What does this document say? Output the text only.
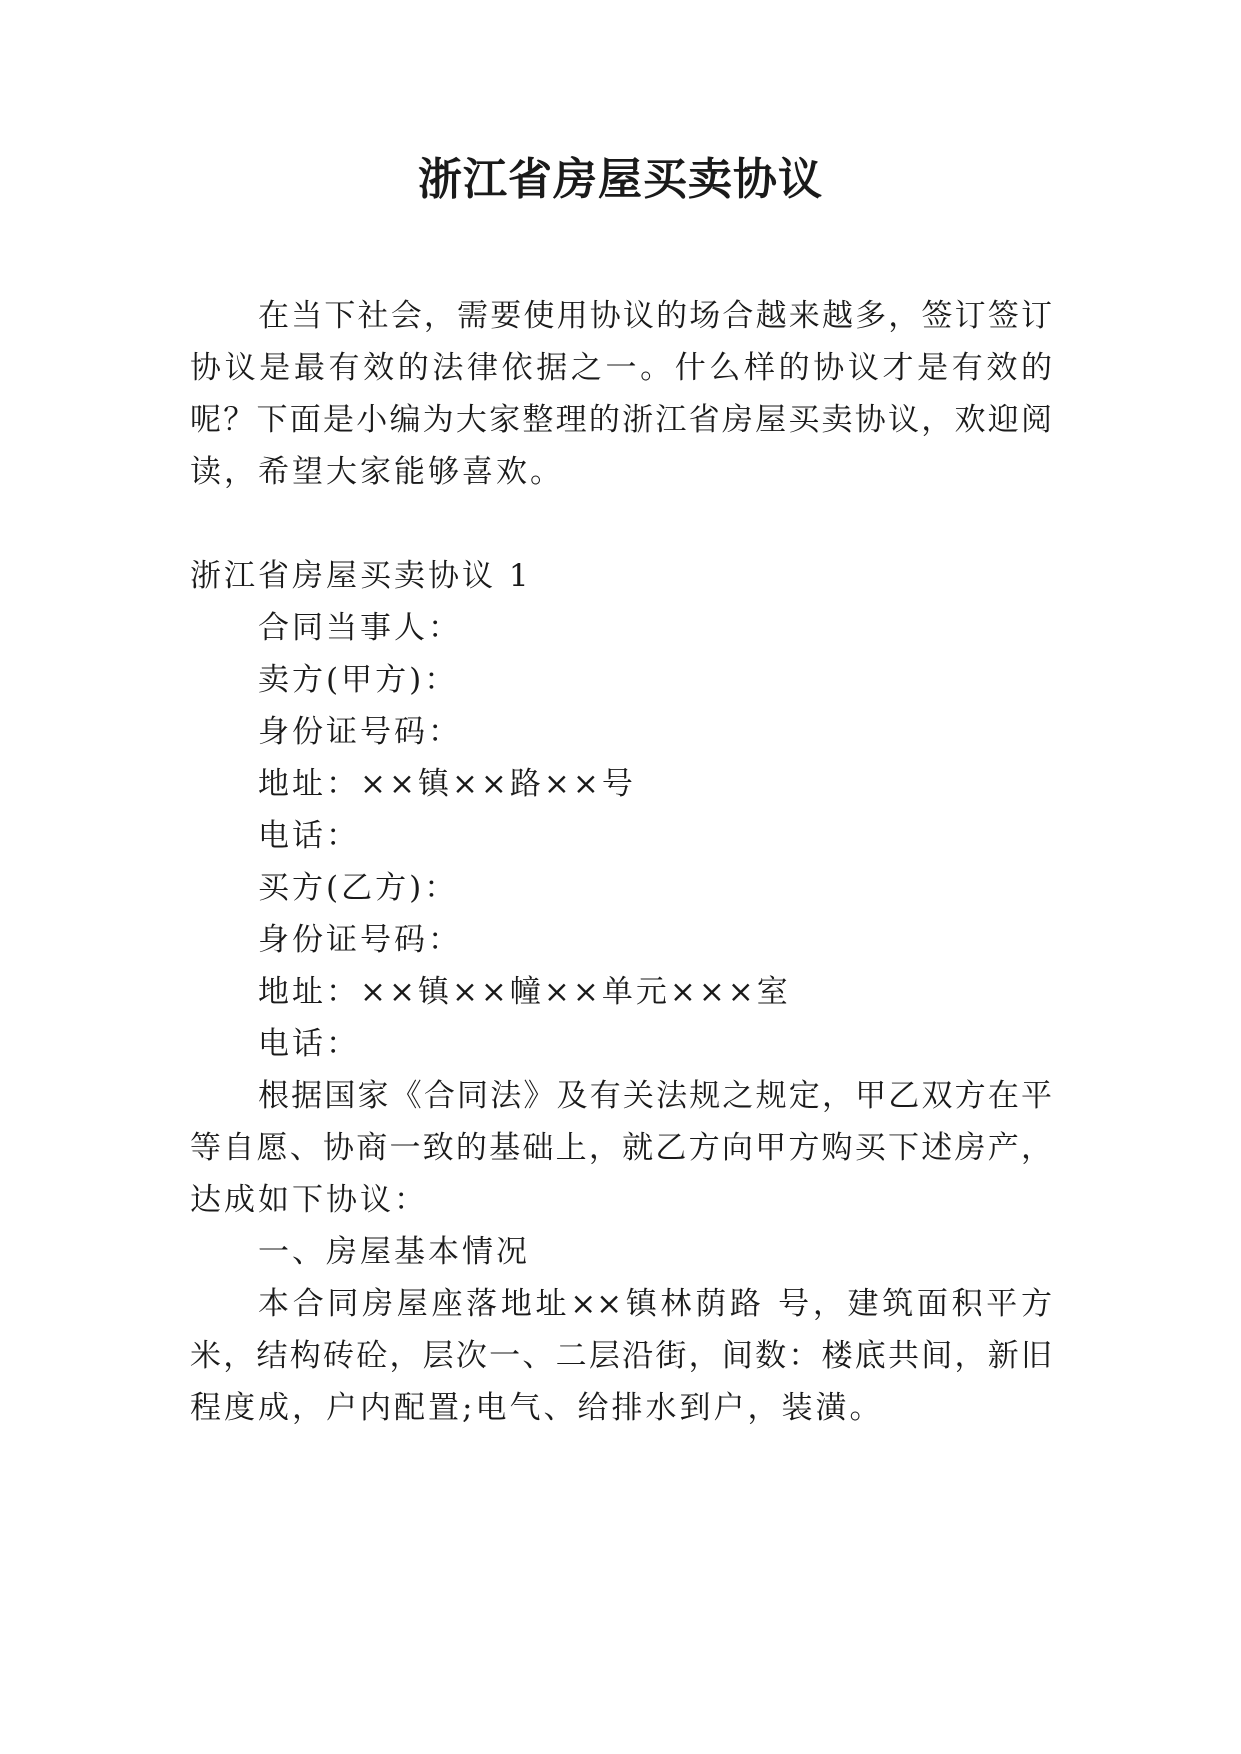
浙江省房屋买卖协议
在当下社会，需要使用协议的场合越来越多，签订签订
协议是最有效的法律依据之一。什么样的协议才是有效的
呢？下面是小编为大家整理的浙江省房屋买卖协议，欢迎阅
读，希望大家能够喜欢。
浙江省房屋买卖协议 1
合同当事人：
卖方(甲方)：
身份证号码：
地址：××镇××路××号
电话：
买方(乙方)：
身份证号码：
地址：××镇××幢××单元×××室
电话：
根据国家《合同法》及有关法规之规定，甲乙双方在平
等自愿、协商一致的基础上，就乙方向甲方购买下述房产，
达成如下协议：
一、房屋基本情况
本合同房屋座落地址××镇林荫路 号，建筑面积平方
米，结构砖砼，层次一、二层沿街，间数：楼底共间，新旧
程度成，户内配置;电气、给排水到户，装潢。
